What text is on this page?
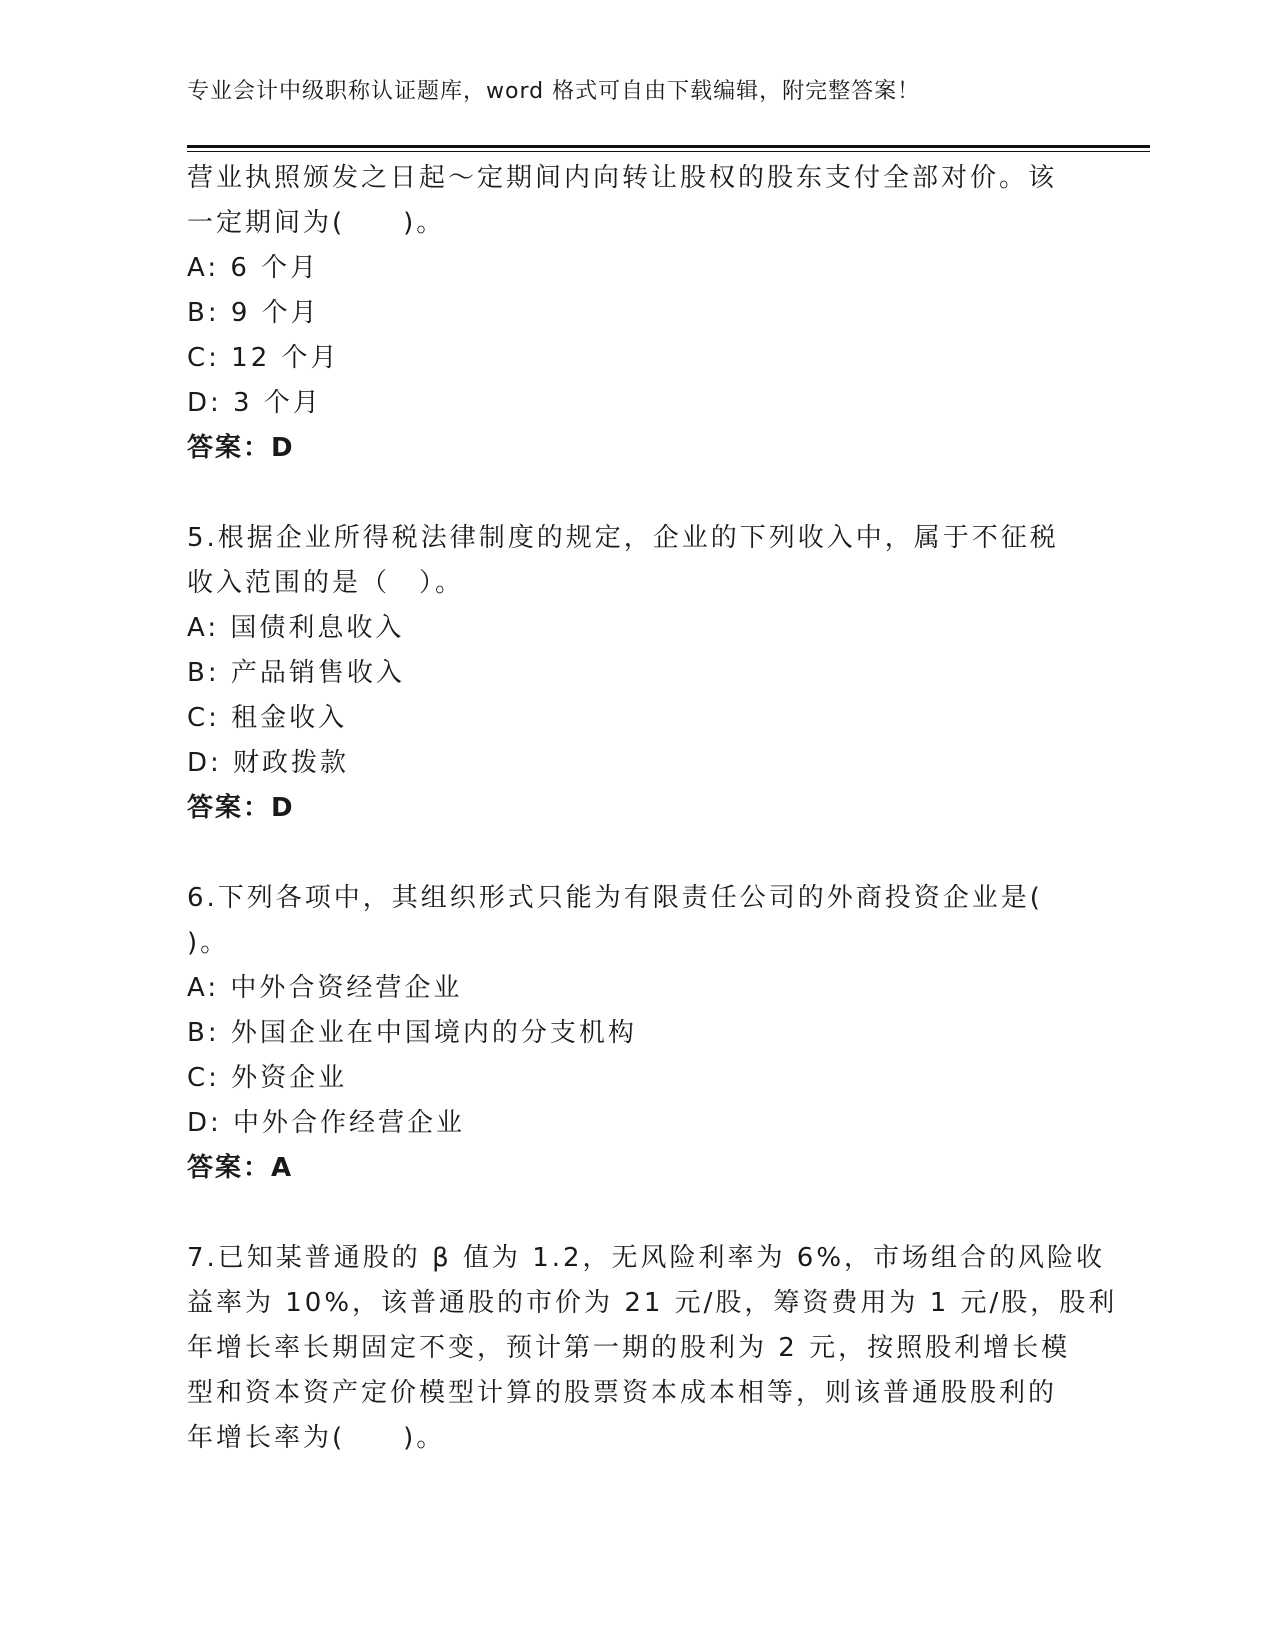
专业会计中级职称认证题库，word 格式可自由下载编辑，附完整答案！

营业执照颁发之日起～定期间内向转让股权的股东支付全部对价。该

一定期间为(　　)。

A: 6 个月

B: 9 个月

C: 12 个月

D: 3 个月

答案：D

5.根据企业所得税法律制度的规定，企业的下列收入中，属于不征税

收入范围的是（　）。

A: 国债利息收入

B: 产品销售收入

C: 租金收入

D: 财政拨款

答案：D

6.下列各项中，其组织形式只能为有限责任公司的外商投资企业是(

)。

A: 中外合资经营企业

B: 外国企业在中国境内的分支机构

C: 外资企业

D: 中外合作经营企业

答案：A

7.已知某普通股的 β 值为 1.2，无风险利率为 6%，市场组合的风险收

益率为 10%，该普通股的市价为 21 元/股，筹资费用为 1 元/股，股利

年增长率长期固定不变，预计第一期的股利为 2 元，按照股利增长模

型和资本资产定价模型计算的股票资本成本相等，则该普通股股利的

年增长率为(　　)。
